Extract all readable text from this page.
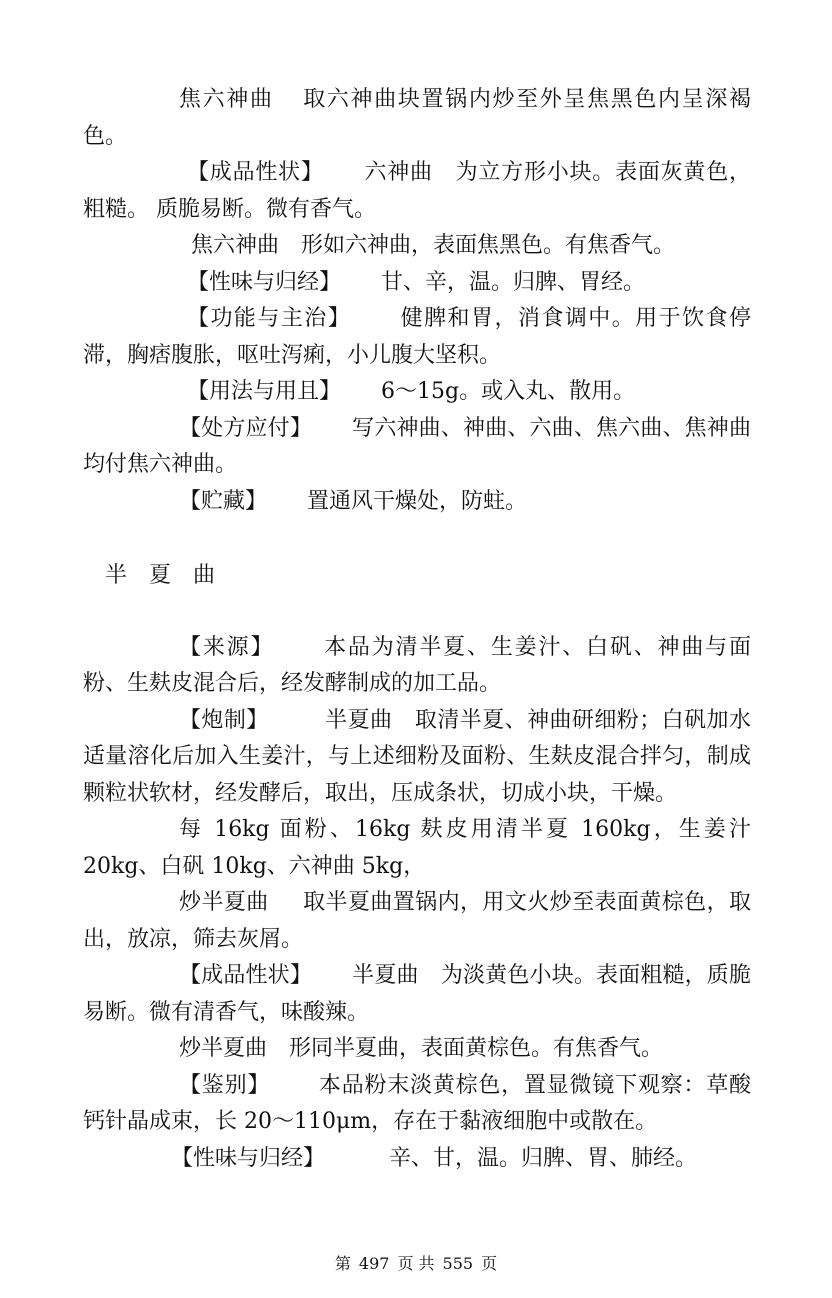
焦六神曲 取六神曲块置锅内炒至外呈焦黑色内呈深褐色。

【成品性状】 六神曲　为立方形小块。表面灰黄色，粗糙。 质脆易断。微有香气。

焦六神曲 形如六神曲，表面焦黑色。有焦香气。

【性味与归经】 甘、辛，温。归脾、胃经。

【功能与主治】 健脾和胃，消食调中。用于饮食停滞，胸痞腹胀，呕吐泻痢，小儿腹大坚积。

【用法与用且】 6～15g。或入丸、散用。

【处方应付】 写六神曲、神曲、六曲、焦六曲、焦神曲均付焦六神曲。

【贮藏】 置通风干燥处，防蛀。

半夏曲

【来源】 本品为清半夏、生姜汁、白矾、神曲与面粉、生麸皮混合后，经发酵制成的加工品。

【炮制】	半夏曲　取清半夏、神曲研细粉；白矾加水适量溶化后加入生姜汁，与上述细粉及面粉、生麸皮混合拌匀，制成颗粒状软材，经发酵后，取出，压成条状，切成小块，干燥。

每 16kg 面粉、16kg 麸皮用清半夏 160kg，生姜汁 20kg、白矾 10kg、六神曲 5kg，

炒半夏曲 取半夏曲置锅内，用文火炒至表面黄棕色，取出，放凉，筛去灰屑。

【成品性状】 半夏曲　为淡黄色小块。表面粗糙，质脆易断。微有清香气，味酸辣。

炒半夏曲 形同半夏曲，表面黄棕色。有焦香气。

【鉴别】 本品粉末淡黄棕色，置显微镜下观察：草酸钙针晶成束，长 20～110μm，存在于黏液细胞中或散在。

【性味与归经】	辛、甘，温。归脾、胃、肺经。

第 497 页 共 555 页
